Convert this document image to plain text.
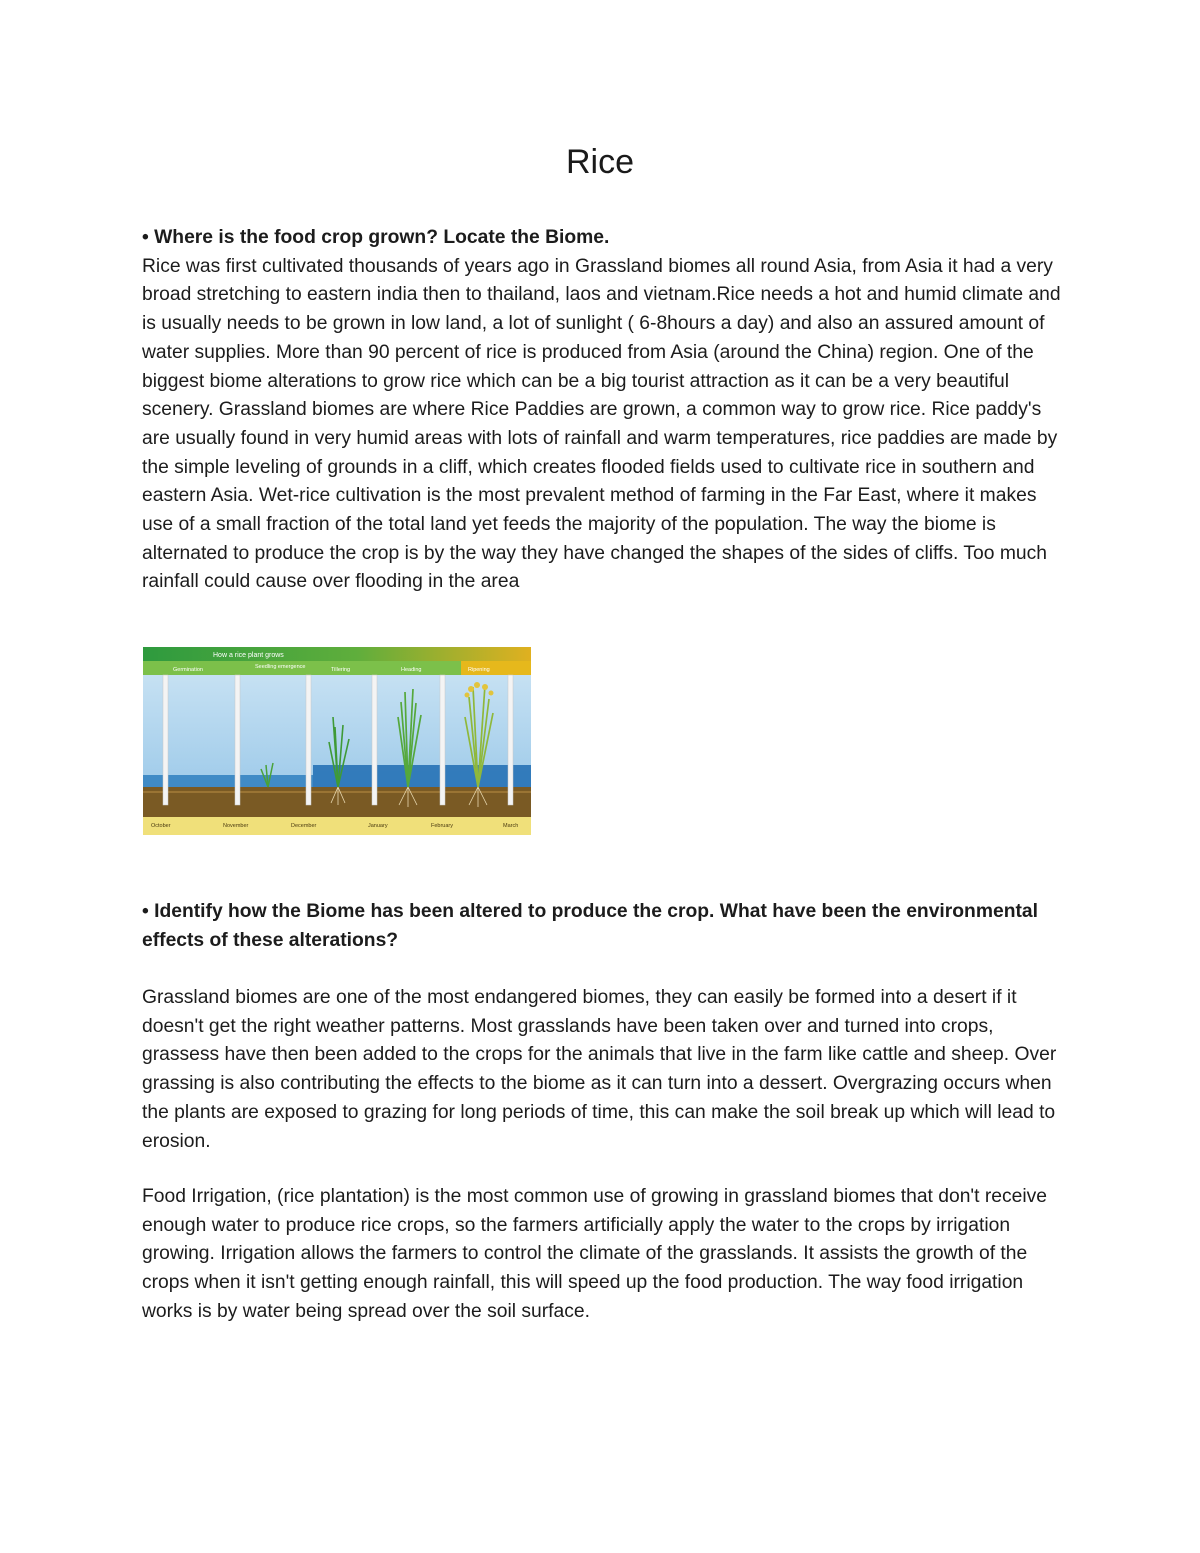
Rice

• Where is the food crop grown? Locate the Biome.

Rice was first cultivated thousands of years ago in Grassland biomes all round Asia, from Asia it had a very broad stretching to eastern india then to thailand, laos and vietnam.Rice needs a hot and humid climate and is usually needs to be grown in low land, a lot of sunlight ( 6-8hours a day) and also an assured amount of water supplies. More than 90 percent of rice is produced from Asia (around the China) region. One of the biggest biome alterations to grow rice which can be a big tourist attraction as it can be a very beautiful scenery. Grassland biomes are where Rice Paddies are grown, a common way to grow rice. Rice paddy's are usually found in very humid areas with lots of rainfall and warm temperatures, rice paddies are made by the simple leveling of grounds in a cliff, which creates flooded fields used to cultivate rice in southern and eastern Asia. Wet-rice cultivation is the most prevalent method of farming in the Far East, where it makes use of a small fraction of the total land yet feeds the majority of the population. The way the biome is alternated to produce the crop is by the way they have changed the shapes of the sides of cliffs. Too much rainfall could cause over flooding in the area

How a rice plant grows
Germination	Seedling emergence	Tillering	Heading	Ripening
October	November	December	January	February	March

• Identify how the Biome has been altered to produce the crop. What have been the environmental effects of these alterations?

Grassland biomes are one of the most endangered biomes, they can easily be formed into a desert if it doesn't get the right weather patterns. Most grasslands have been taken over and turned into crops, grassess have then been added to the crops for the animals that live in the farm like cattle and sheep. Over grassing is also contributing the effects to the biome as it can turn into a dessert. Overgrazing occurs when the plants are exposed to grazing for long periods of time, this can make the soil break up which will lead to erosion.

Food Irrigation, (rice plantation) is the most common use of growing in grassland biomes that don't receive enough water to produce rice crops, so the farmers artificially apply the water to the crops by irrigation growing. Irrigation allows the farmers to control the climate of the grasslands. It assists the growth of the crops when it isn't getting enough rainfall, this will speed up the food production. The way food irrigation works is by water being spread over the soil surface.
